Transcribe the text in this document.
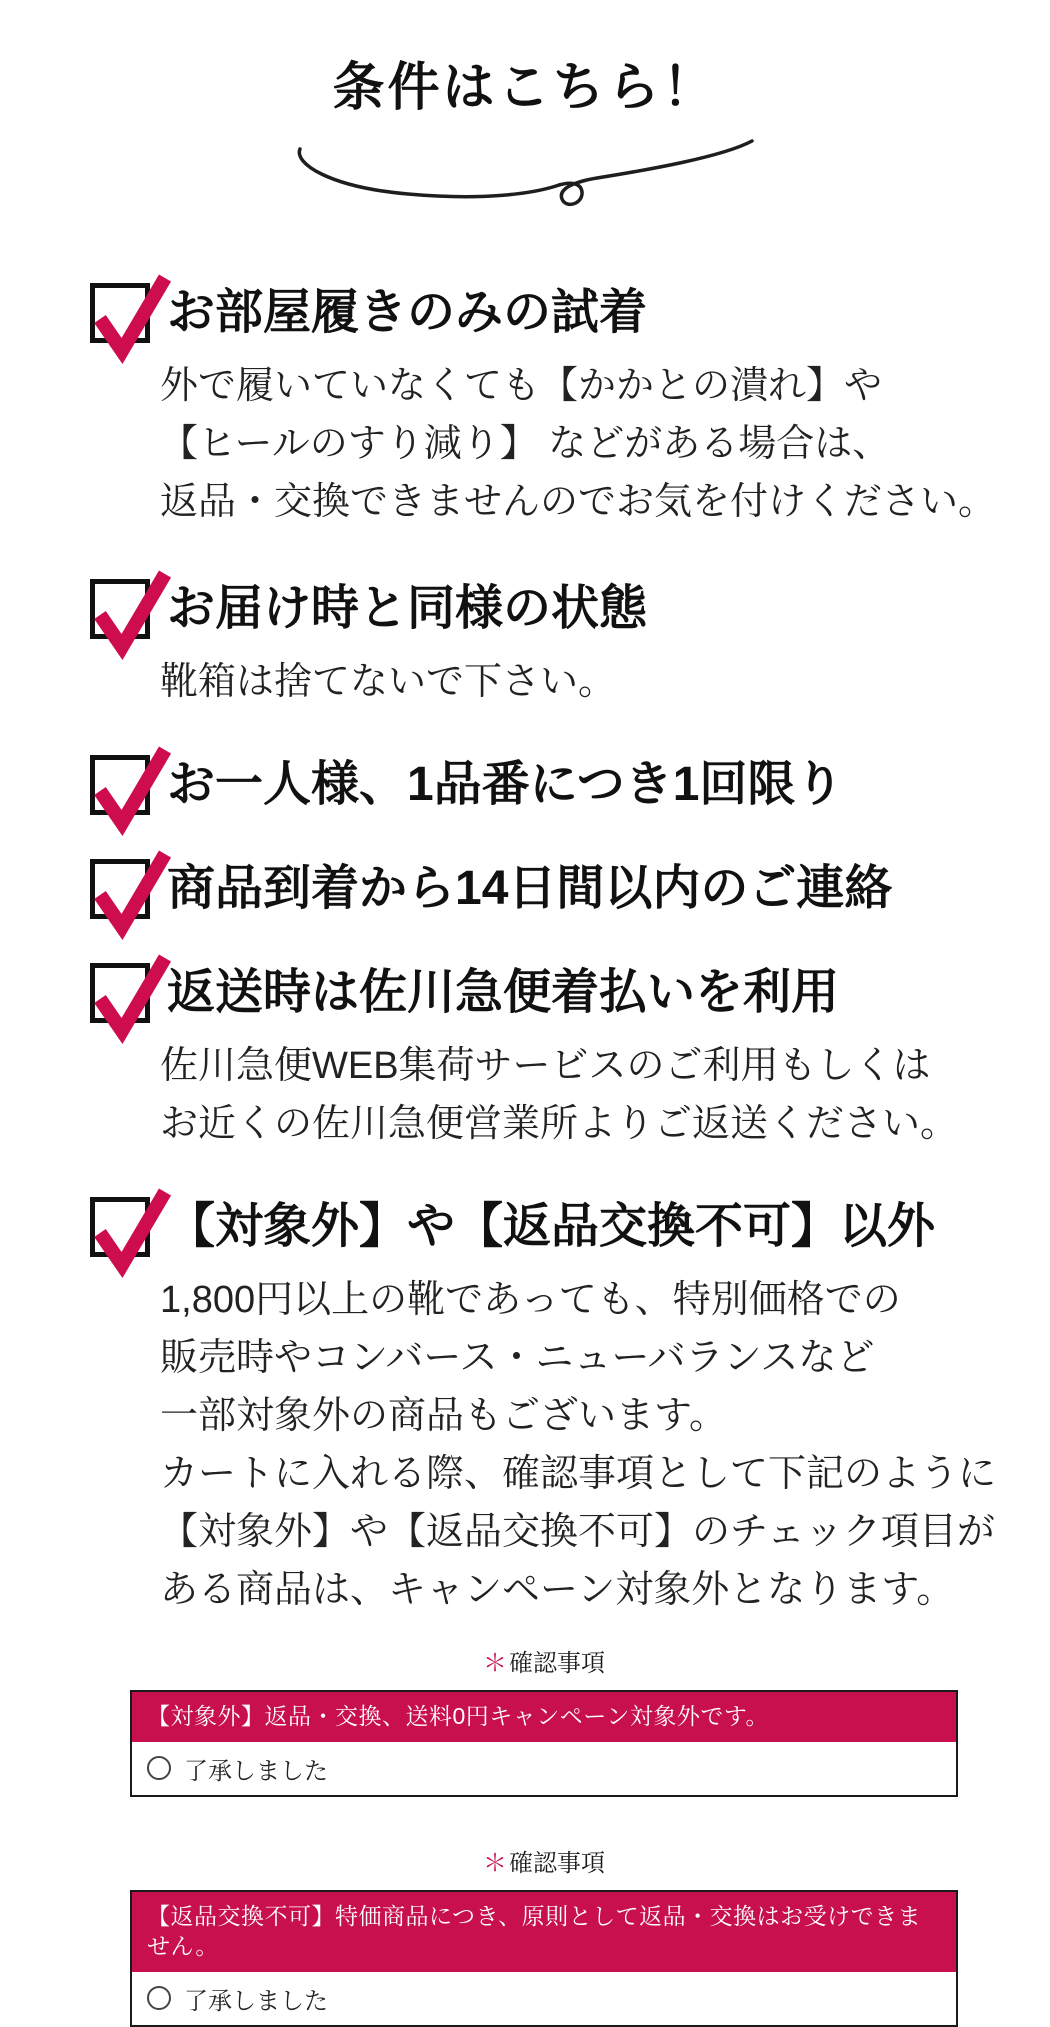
条件はこちら！
お部屋履きのみの試着
外で履いていなくても【かかとの潰れ】や
【ヒールのすり減り】 などがある場合は、
返品・交換できませんのでお気を付けください。
お届け時と同様の状態
靴箱は捨てないで下さい。
お一人様、1品番につき1回限り
商品到着から14日間以内のご連絡
返送時は佐川急便着払いを利用
佐川急便WEB集荷サービスのご利用もしくは
お近くの佐川急便営業所よりご返送ください。
【対象外】や【返品交換不可】以外
1,800円以上の靴であっても、特別価格での
販売時やコンバース・ニューバランスなど
一部対象外の商品もございます。
カートに入れる際、確認事項として下記のように
【対象外】や【返品交換不可】のチェック項目が
ある商品は、キャンペーン対象外となります。
＊確認事項
【対象外】返品・交換、送料0円キャンペーン対象外です。
了承しました
＊確認事項
【返品交換不可】特価商品につき、原則として返品・交換はお受けできません。
了承しました
